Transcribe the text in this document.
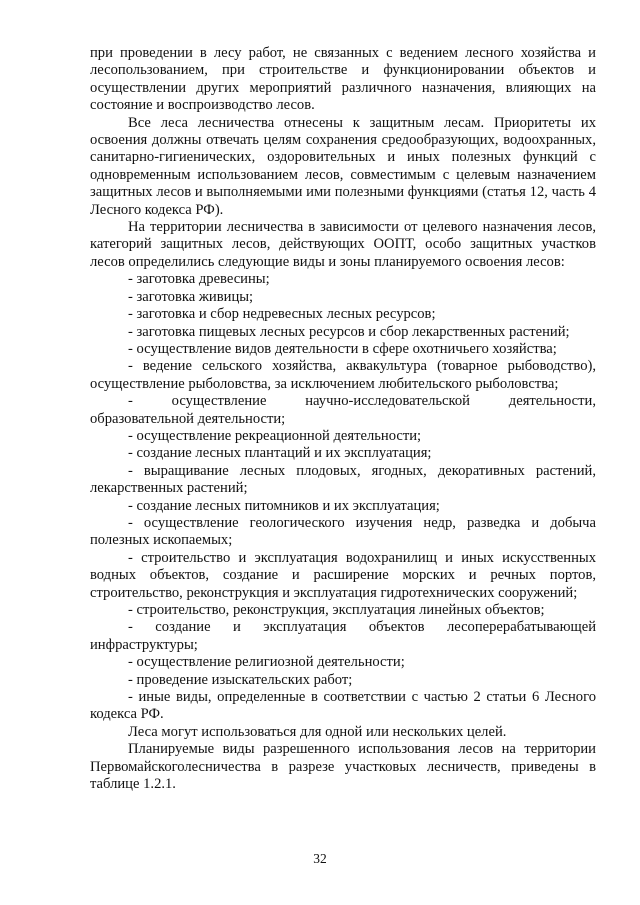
при проведении в лесу работ, не связанных с ведением лесного хозяйства и лесопользованием, при строительстве и функционировании объектов и осуществлении других мероприятий различного назначения, влияющих на состояние и воспроизводство лесов.

Все леса лесничества отнесены к защитным лесам. Приоритеты их освоения должны отвечать целям сохранения средообразующих, водоохранных, санитарно-гигиенических, оздоровительных и иных полезных функций с одновременным использованием лесов, совместимым с целевым назначением защитных лесов и выполняемыми ими полезными функциями (статья 12, часть 4 Лесного кодекса РФ).

На территории лесничества в зависимости от целевого назначения лесов, категорий защитных лесов, действующих ООПТ, особо защитных участков лесов определились следующие виды и зоны планируемого освоения лесов:

- заготовка древесины;

- заготовка живицы;

- заготовка и сбор недревесных лесных ресурсов;

- заготовка пищевых лесных ресурсов и сбор лекарственных растений;

- осуществление видов деятельности в сфере охотничьего хозяйства;

- ведение сельского хозяйства, аквакультура (товарное рыбоводство), осуществление рыболовства, за исключением любительского рыболовства;

- осуществление научно-исследовательской деятельности, образовательной деятельности;

- осуществление рекреационной деятельности;

- создание лесных плантаций и их эксплуатация;

- выращивание лесных плодовых, ягодных, декоративных растений, лекарственных растений;

- создание лесных питомников и их эксплуатация;

- осуществление геологического изучения недр, разведка и добыча полезных ископаемых;

- строительство и эксплуатация водохранилищ и иных искусственных водных объектов, создание и расширение морских и речных портов, строительство, реконструкция и эксплуатация гидротехнических сооружений;

- строительство, реконструкция, эксплуатация линейных объектов;

- создание и эксплуатация объектов лесоперерабатывающей инфраструктуры;

- осуществление религиозной деятельности;

- проведение изыскательских работ;

- иные виды, определенные в соответствии с частью 2 статьи 6 Лесного кодекса РФ.

Леса могут использоваться для одной или нескольких целей.

Планируемые виды разрешенного использования лесов на территории Первомайскоголесничества в разрезе участковых лесничеств, приведены в таблице 1.2.1.

32
